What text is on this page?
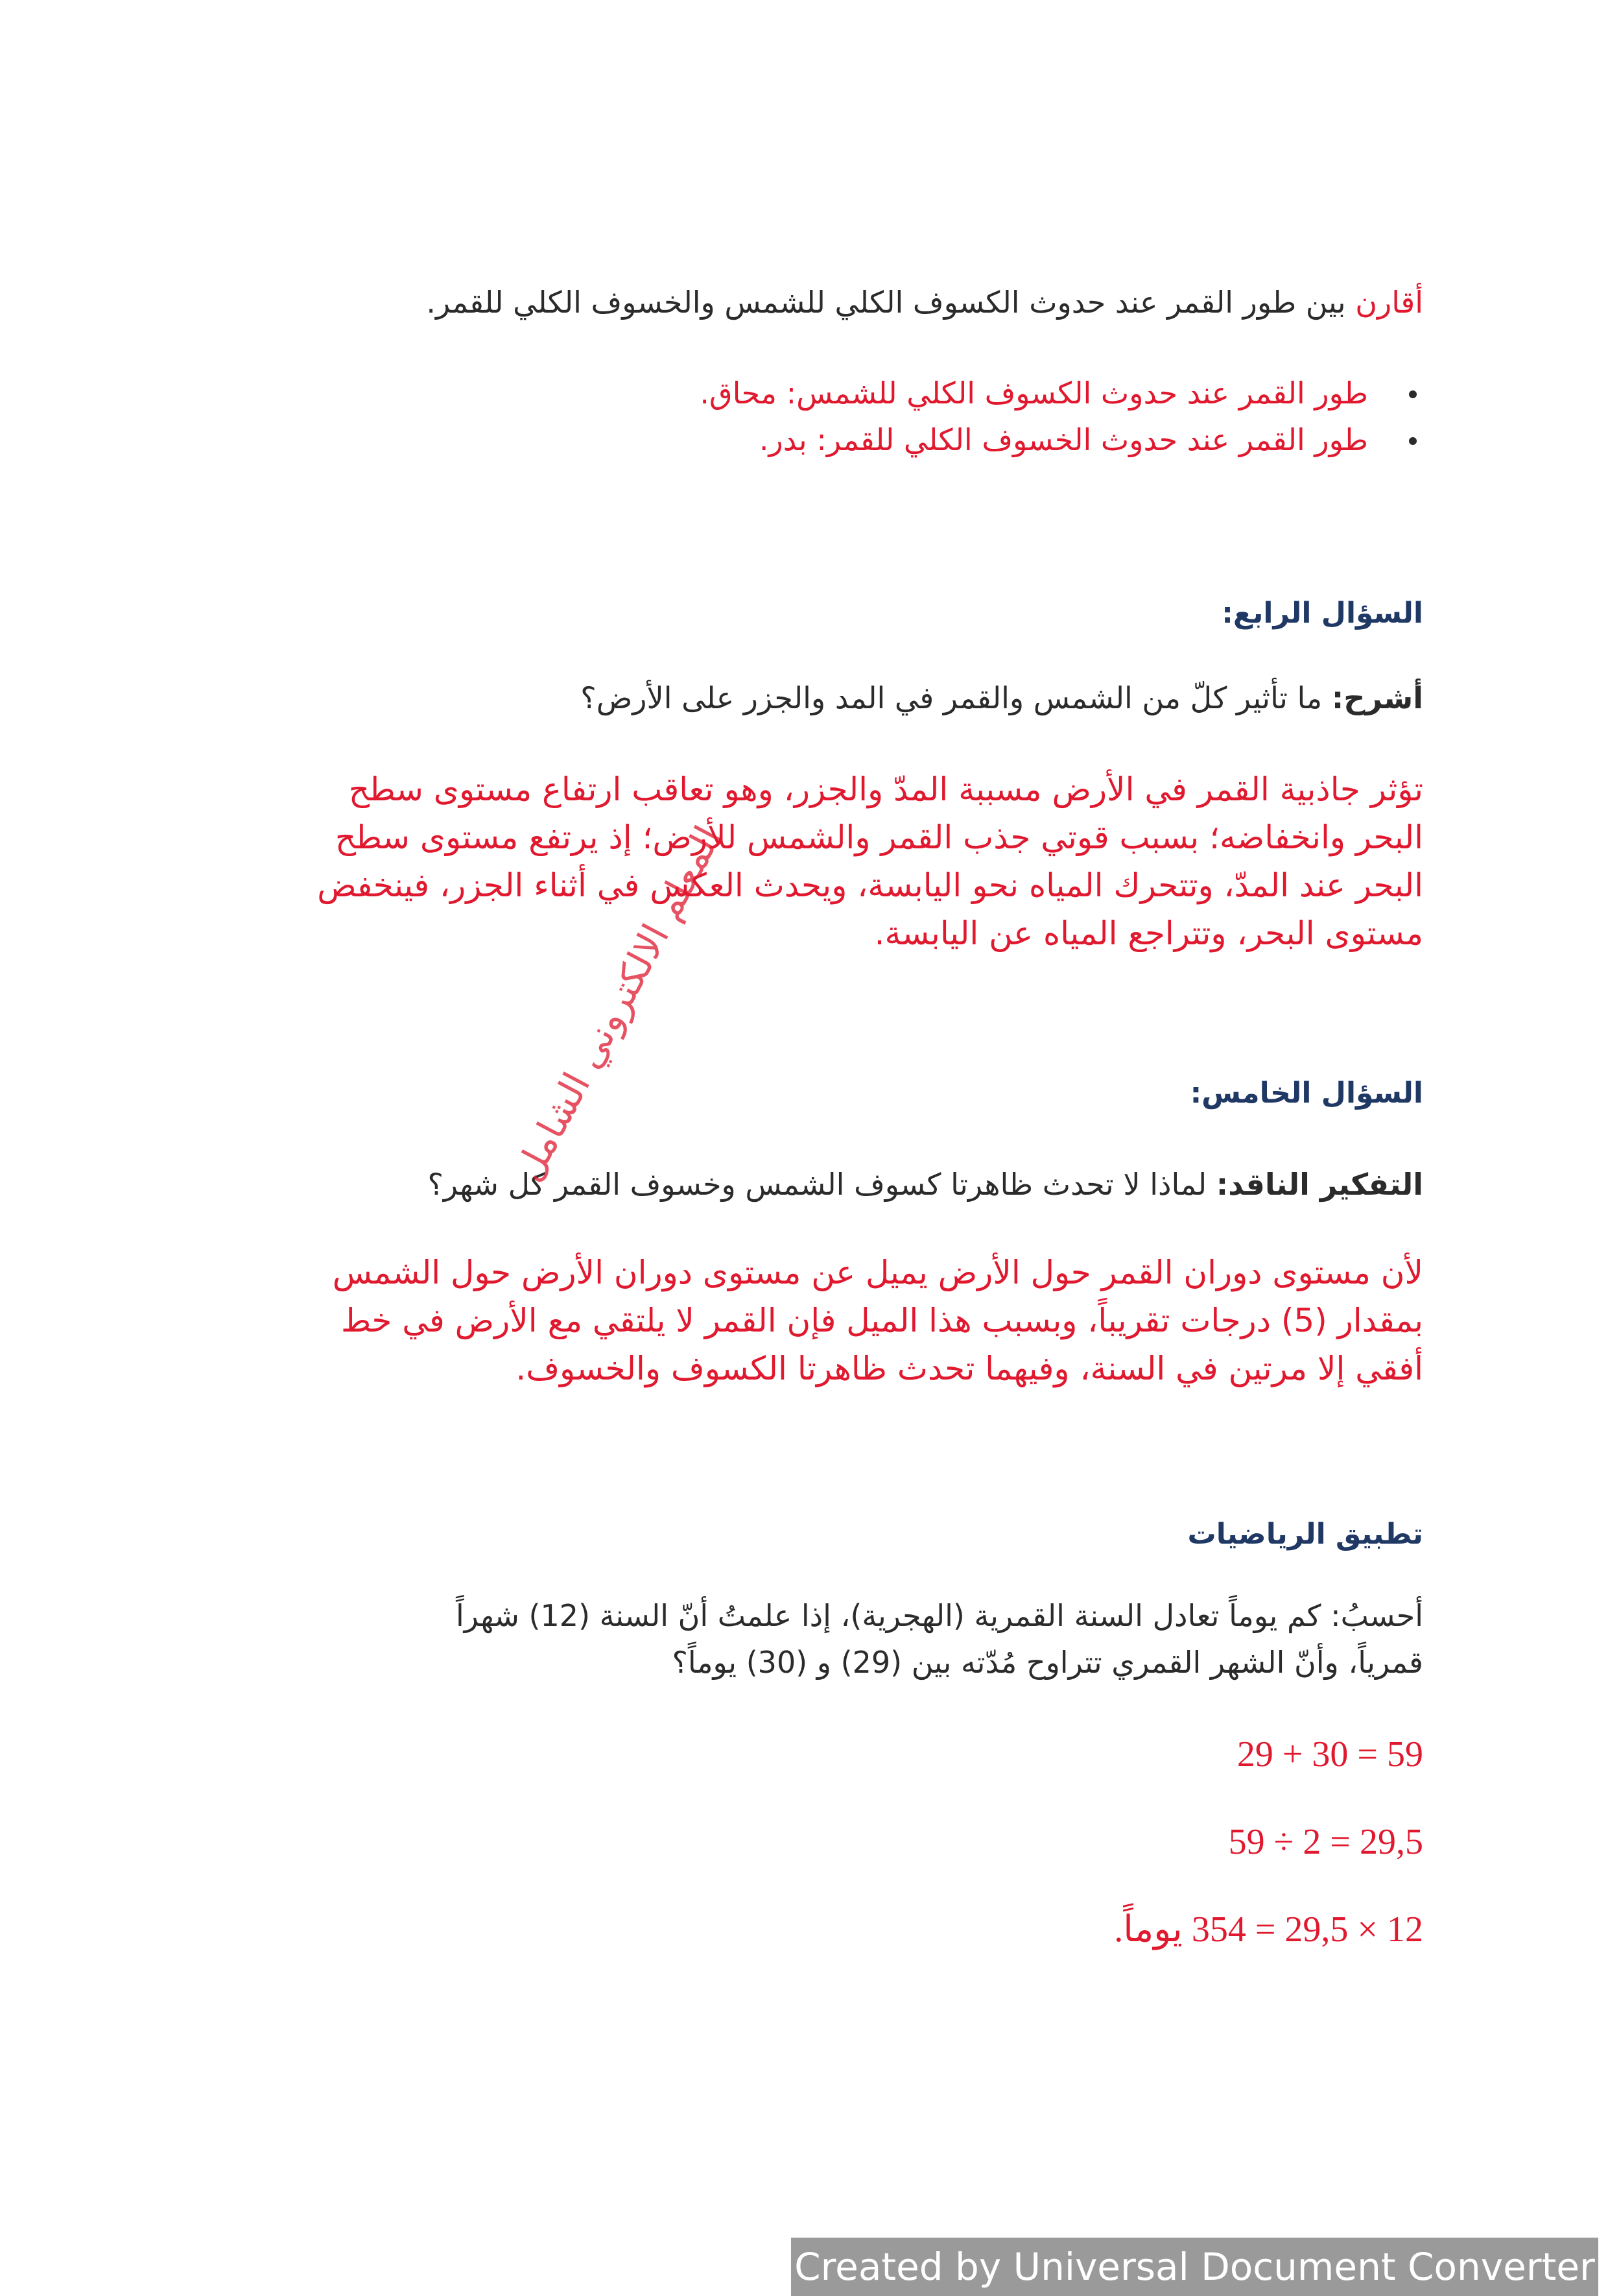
أقارن بين طور القمر عند حدوث الكسوف الكلي للشمس والخسوف الكلي للقمر.
طور القمر عند حدوث الكسوف الكلي للشمس: محاق.
طور القمر عند حدوث الخسوف الكلي للقمر: بدر.
السؤال الرابع:
أشرح: ما تأثير كلّ من الشمس والقمر في المد والجزر على الأرض؟
تؤثر جاذبية القمر في الأرض مسببة المدّ والجزر، وهو تعاقب ارتفاع مستوى سطح
البحر وانخفاضه؛ بسبب قوتي جذب القمر والشمس للأرض؛ إذ يرتفع مستوى سطح
البحر عند المدّ، وتتحرك المياه نحو اليابسة، ويحدث العكس في أثناء الجزر، فينخفض
مستوى البحر، وتتراجع المياه عن اليابسة.
السؤال الخامس:
التفكير الناقد: لماذا لا تحدث ظاهرتا كسوف الشمس وخسوف القمر كل شهر؟
لأن مستوى دوران القمر حول الأرض يميل عن مستوى دوران الأرض حول الشمس
بمقدار (5) درجات تقريباً، وبسبب هذا الميل فإن القمر لا يلتقي مع الأرض في خط
أفقي إلا مرتين في السنة، وفيهما تحدث ظاهرتا الكسوف والخسوف.
تطبيق الرياضيات
أحسبُ: كم يوماً تعادل السنة القمرية (الهجرية)، إذا علمتُ أنّ السنة (12) شهراً
قمرياً، وأنّ الشهر القمري تتراوح مُدّته بين (29) و (30) يوماً؟
59 = 30 + 29
29,5 = 2 ÷ 59
12 × 29,5 = 354 يوماً.
المعلم الالكتروني الشامل
Created by Universal Document Converter
